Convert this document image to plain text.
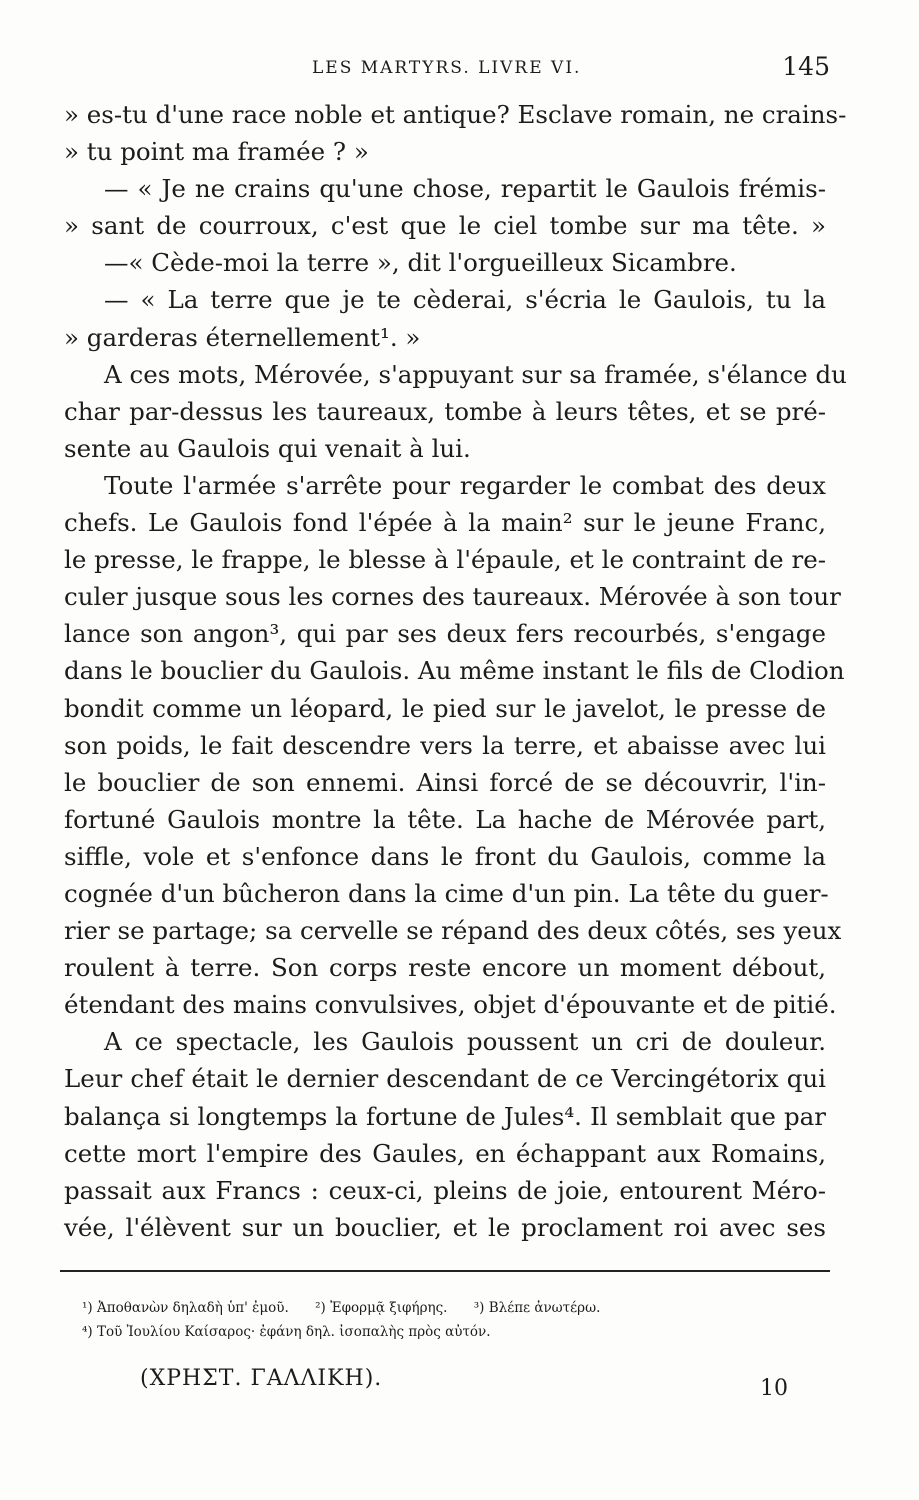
LES MARTYRS. LIVRE VI.	145
» es-tu d'une race noble et antique? Esclave romain, ne crains-
» tu point ma framée ? »
— « Je ne crains qu'une chose, repartit le Gaulois frémis-
» sant de courroux, c'est que le ciel tombe sur ma tête. »
—« Cède-moi la terre », dit l'orgueilleux Sicambre.
— « La terre que je te cèderai, s'écria le Gaulois, tu la
» garderas éternellement¹. »
A ces mots, Mérovée, s'appuyant sur sa framée, s'élance du
char par-dessus les taureaux, tombe à leurs têtes, et se pré-
sente au Gaulois qui venait à lui.
Toute l'armée s'arrête pour regarder le combat des deux
chefs. Le Gaulois fond l'épée à la main² sur le jeune Franc,
le presse, le frappe, le blesse à l'épaule, et le contraint de re-
culer jusque sous les cornes des taureaux. Mérovée à son tour
lance son angon³, qui par ses deux fers recourbés, s'engage
dans le bouclier du Gaulois. Au même instant le fils de Clodion
bondit comme un léopard, le pied sur le javelot, le presse de
son poids, le fait descendre vers la terre, et abaisse avec lui
le bouclier de son ennemi. Ainsi forcé de se découvrir, l'in-
fortuné Gaulois montre la tête. La hache de Mérovée part,
siffle, vole et s'enfonce dans le front du Gaulois, comme la
cognée d'un bûcheron dans la cime d'un pin. La tête du guer-
rier se partage; sa cervelle se répand des deux côtés, ses yeux
roulent à terre. Son corps reste encore un moment débout,
étendant des mains convulsives, objet d'épouvante et de pitié.
A ce spectacle, les Gaulois poussent un cri de douleur.
Leur chef était le dernier descendant de ce Vercingétorix qui
balança si longtemps la fortune de Jules⁴. Il semblait que par
cette mort l'empire des Gaules, en échappant aux Romains,
passait aux Francs : ceux-ci, pleins de joie, entourent Méro-
vée, l'élèvent sur un bouclier, et le proclament roi avec ses
¹) Ἀποθανὼν δηλαδὴ ὑπ' ἐμοῦ. ²) Ἐφορμᾷ ξιφήρης. ³) Βλέπε ἀνωτέρω.
⁴) Τοῦ Ἰουλίου Καίσαρος· ἐφάνη δηλ. ἰσοπαλὴς πρὸς αὐτόν.
(ΧΡΗΣΤ. ΓΑΛΛΙΚΗ).	10
